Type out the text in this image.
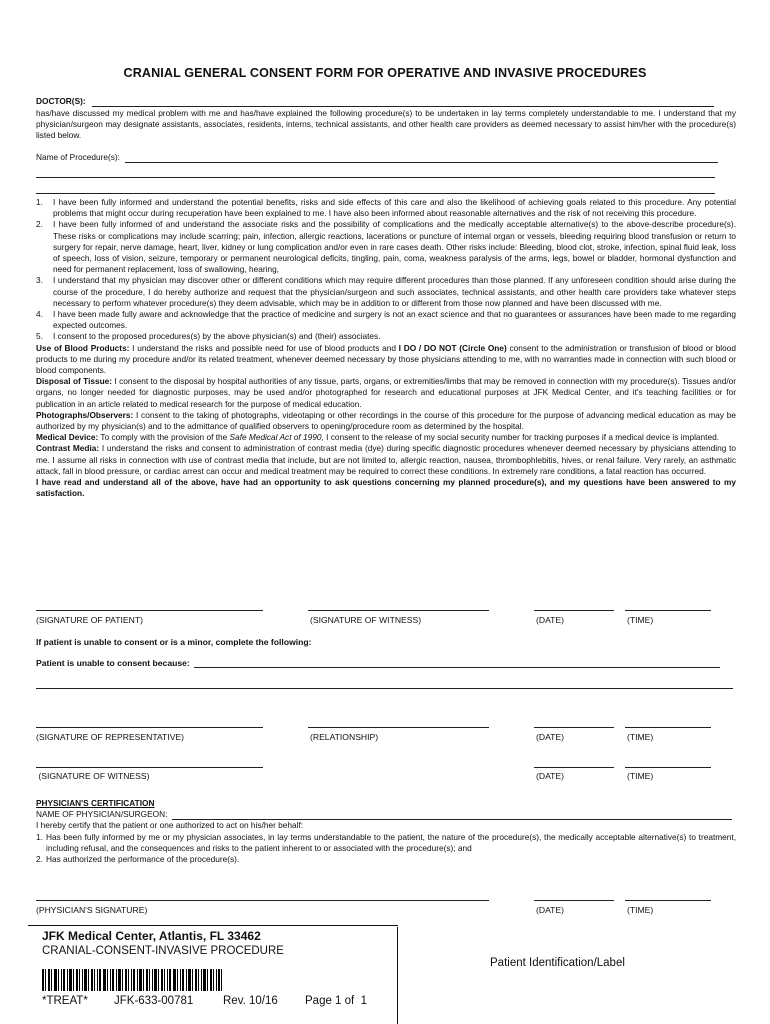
CRANIAL GENERAL CONSENT FORM FOR OPERATIVE AND INVASIVE PROCEDURES
DOCTOR(S):
has/have discussed my medical problem with me and has/have explained the following procedure(s) to be undertaken in lay terms completely understandable to me. I understand that my physician/surgeon may designate assistants, associates, residents, interns, technical assistants, and other health care providers as deemed necessary to assist him/her with the procedure(s) listed below.
Name of Procedure(s):
1. I have been fully informed and understand the potential benefits, risks and side effects of this care and also the likelihood of achieving goals related to this procedure. Any potential problems that might occur during recuperation have been explained to me. I have also been informed about reasonable alternatives and the risk of not receiving this procedure.
2. I have been fully informed of and understand the associate risks and the possibility of complications and the medically acceptable alternative(s) to the above-describe procedure(s). These risks or complications may include scarring; pain, infection, allergic reactions, lacerations or puncture of internal organ or vessels, bleeding requiring blood transfusion or return to surgery for repair, nerve damage, heart, liver, kidney or lung complication and/or even in rare cases death. Other risks include: Bleeding, blood clot, stroke, infection, spinal fluid leak, loss of speech, loss of vision, seizure, temporary or permanent neurological deficits, tingling, pain, coma, weakness paralysis of the arms, legs, bowel or bladder, hormonal dysfunction and need for permanent replacement, loss of swallowing, hearing,
3. I understand that my physician may discover other or different conditions which may require different procedures than those planned. If any unforeseen condition should arise during the course of the procedure, I do hereby authorize and request that the physician/surgeon and such associates, technical assistants, and other health care providers take whatever steps necessary to perform whatever procedure(s) they deem advisable, which may be in addition to or different from those now planned and have been discussed with me.
4. I have been made fully aware and acknowledge that the practice of medicine and surgery is not an exact science and that no guarantees or assurances have been made to me regarding expected outcomes.
5. I consent to the proposed procedures(s) by the above physician(s) and (their) associates.
Use of Blood Products: I understand the risks and possible need for use of blood products and I DO / DO NOT (Circle One) consent to the administration or transfusion of blood or blood products to me during my procedure and/or its related treatment, whenever deemed necessary by those physicians attending to me, with no warranties made in connection with such blood or blood components.
Disposal of Tissue: I consent to the disposal by hospital authorities of any tissue, parts, organs, or extremities/limbs that may be removed in connection with my procedure(s). Tissues and/or organs, no longer needed for diagnostic purposes, may be used and/or photographed for research and educational purposes at JFK Medical Center, and it's teaching facilities or for publication in an article related to medical research for the purpose of medical education.
Photographs/Observers: I consent to the taking of photographs, videotaping or other recordings in the course of this procedure for the purpose of advancing medical education as may be authorized by my physician(s) and to the admittance of qualified observers to opening/procedure room as determined by the hospital.
Medical Device: To comply with the provision of the Safe Medical Act of 1990, I consent to the release of my social security number for tracking purposes if a medical device is implanted.
Contrast Media: I understand the risks and consent to administration of contrast media (dye) during specific diagnostic procedures whenever deemed necessary by physicians attending to me. I assume all risks in connection with use of contrast media that include, but are not limited to, allergic reaction, nausea, thrombophlebitis, hives, or renal failure. Very rarely, an asthmatic attack, fall in blood pressure, or cardiac arrest can occur and medical treatment may be required to correct these conditions. In extremely rare conditions, a fatal reaction has occurred.
I have read and understand all of the above, have had an opportunity to ask questions concerning my planned procedure(s), and my questions have been answered to my satisfaction.
(SIGNATURE OF PATIENT)	(SIGNATURE OF WITNESS)	(DATE)	(TIME)
If patient is unable to consent or is a minor, complete the following:
Patient is unable to consent because:
(SIGNATURE OF REPRESENTATIVE)	(RELATIONSHIP)	(DATE)	(TIME)
(SIGNATURE OF WITNESS)	(DATE)	(TIME)
PHYSICIAN'S CERTIFICATION
NAME OF PHYSICIAN/SURGEON:
I hereby certify that the patient or one authorized to act on his/her behalf:
1. Has been fully informed by me or my physician associates, in lay terms understandable to the patient, the nature of the procedure(s), the medically acceptable alternative(s) to treatment, including refusal, and the consequences and risks to the patient inherent to or associated with the procedure(s); and
2. Has authorized the performance of the procedure(s).
(PHYSICIAN'S SIGNATURE)	(DATE)	(TIME)
JFK Medical Center, Atlantis, FL 33462
CRANIAL-CONSENT-INVASIVE PROCEDURE
*TREAT* JFK-633-00781	Rev. 10/16 Page 1 of  1
Patient Identification/Label
